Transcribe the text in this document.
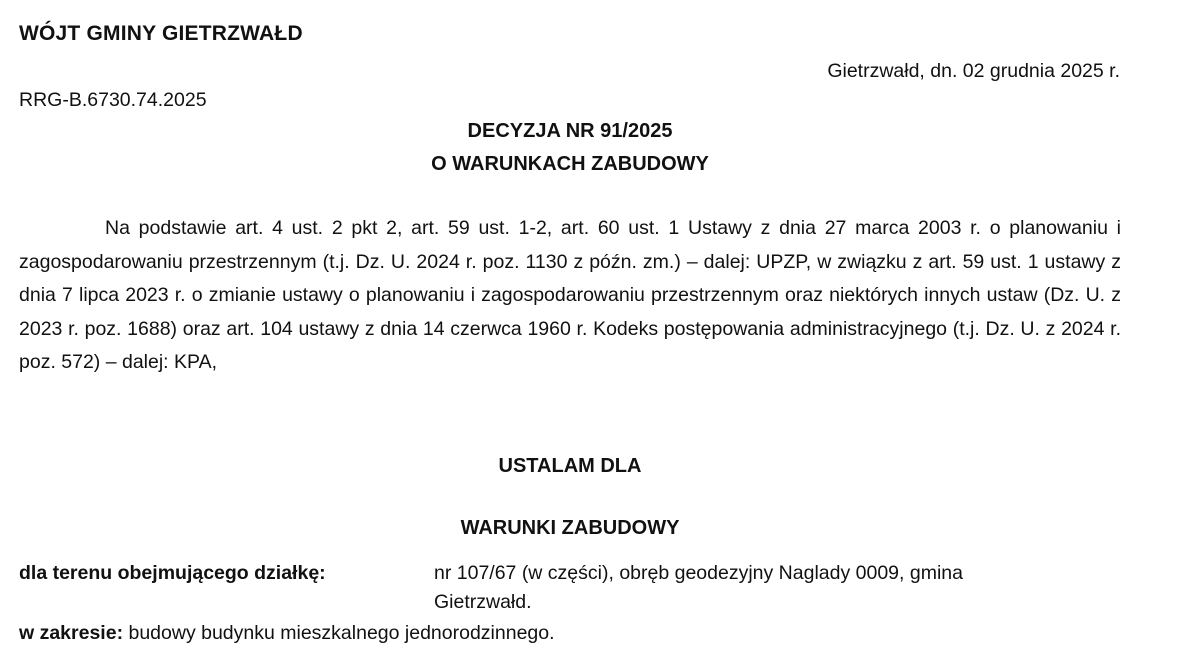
WÓJT GMINY GIETRZWAŁD
Gietrzwałd, dn. 02 grudnia 2025 r.
RRG-B.6730.74.2025
DECYZJA NR 91/2025
O WARUNKACH ZABUDOWY

Na podstawie art. 4 ust. 2 pkt 2, art. 59 ust. 1-2, art. 60 ust. 1 Ustawy z dnia 27 marca 2003 r. o planowaniu i zagospodarowaniu przestrzennym (t.j. Dz. U. 2024 r. poz. 1130 z późn. zm.) – dalej: UPZP, w związku z art. 59 ust. 1 ustawy z dnia 7 lipca 2023 r. o zmianie ustawy o planowaniu i zagospodarowaniu przestrzennym oraz niektórych innych ustaw (Dz. U. z 2023 r. poz. 1688) oraz art. 104 ustawy z dnia 14 czerwca 1960 r. Kodeks postępowania administracyjnego (t.j. Dz. U. z 2024 r. poz. 572) – dalej: KPA,

USTALAM DLA
WARUNKI ZABUDOWY
dla terenu obejmującego działkę:	nr 107/67 (w części), obręb geodezyjny Naglady 0009, gmina
Gietrzwałd.
w zakresie: budowy budynku mieszkalnego jednorodzinnego.
